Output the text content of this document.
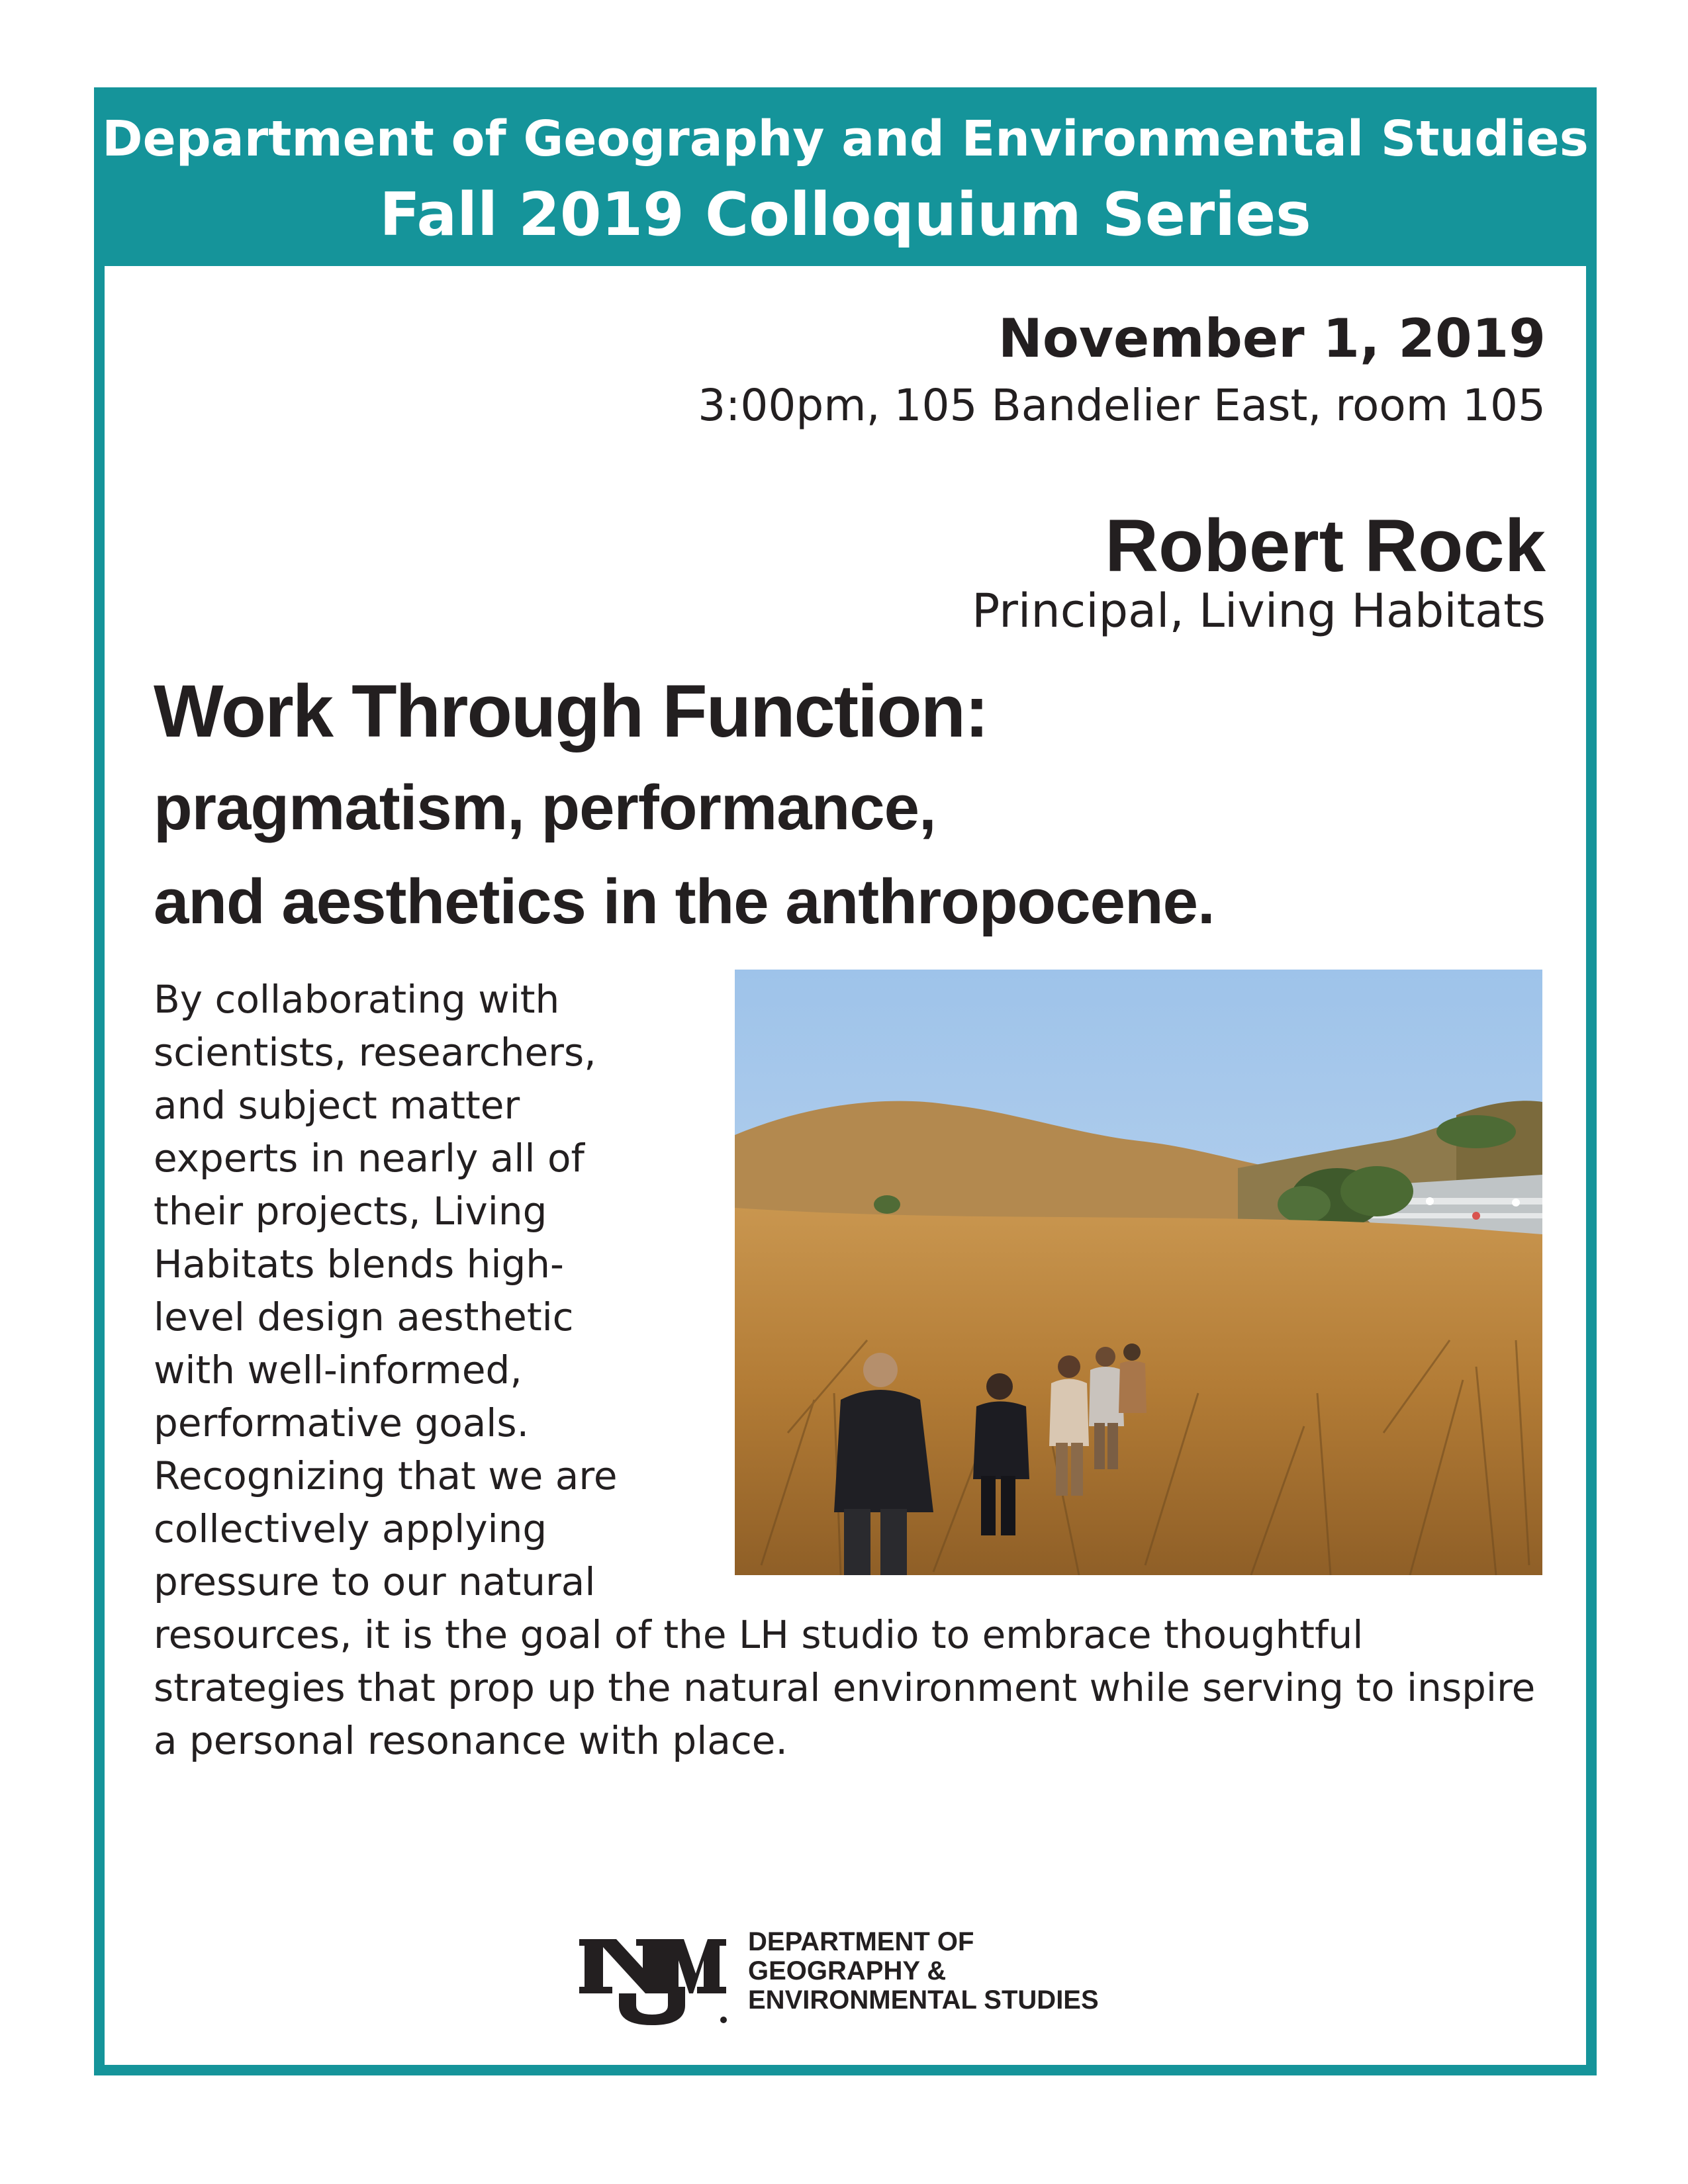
Department of Geography and Environmental Studies
Fall 2019 Colloquium Series
November 1, 2019
3:00pm, 105 Bandelier East, room 105
Robert Rock
Principal, Living Habitats
Work Through Function:
pragmatism, performance,
and aesthetics in the anthropocene.
By collaborating with scientists, researchers, and subject matter experts in nearly all of their projects, Living Habitats blends high-level design aesthetic with well-informed, performative goals. Recognizing that we are collectively applying pressure to our natural resources, it is the goal of the LH studio to embrace thoughtful strategies that prop up the natural environment while serving to inspire a personal resonance with place.
DEPARTMENT OF
GEOGRAPHY &
ENVIRONMENTAL STUDIES
